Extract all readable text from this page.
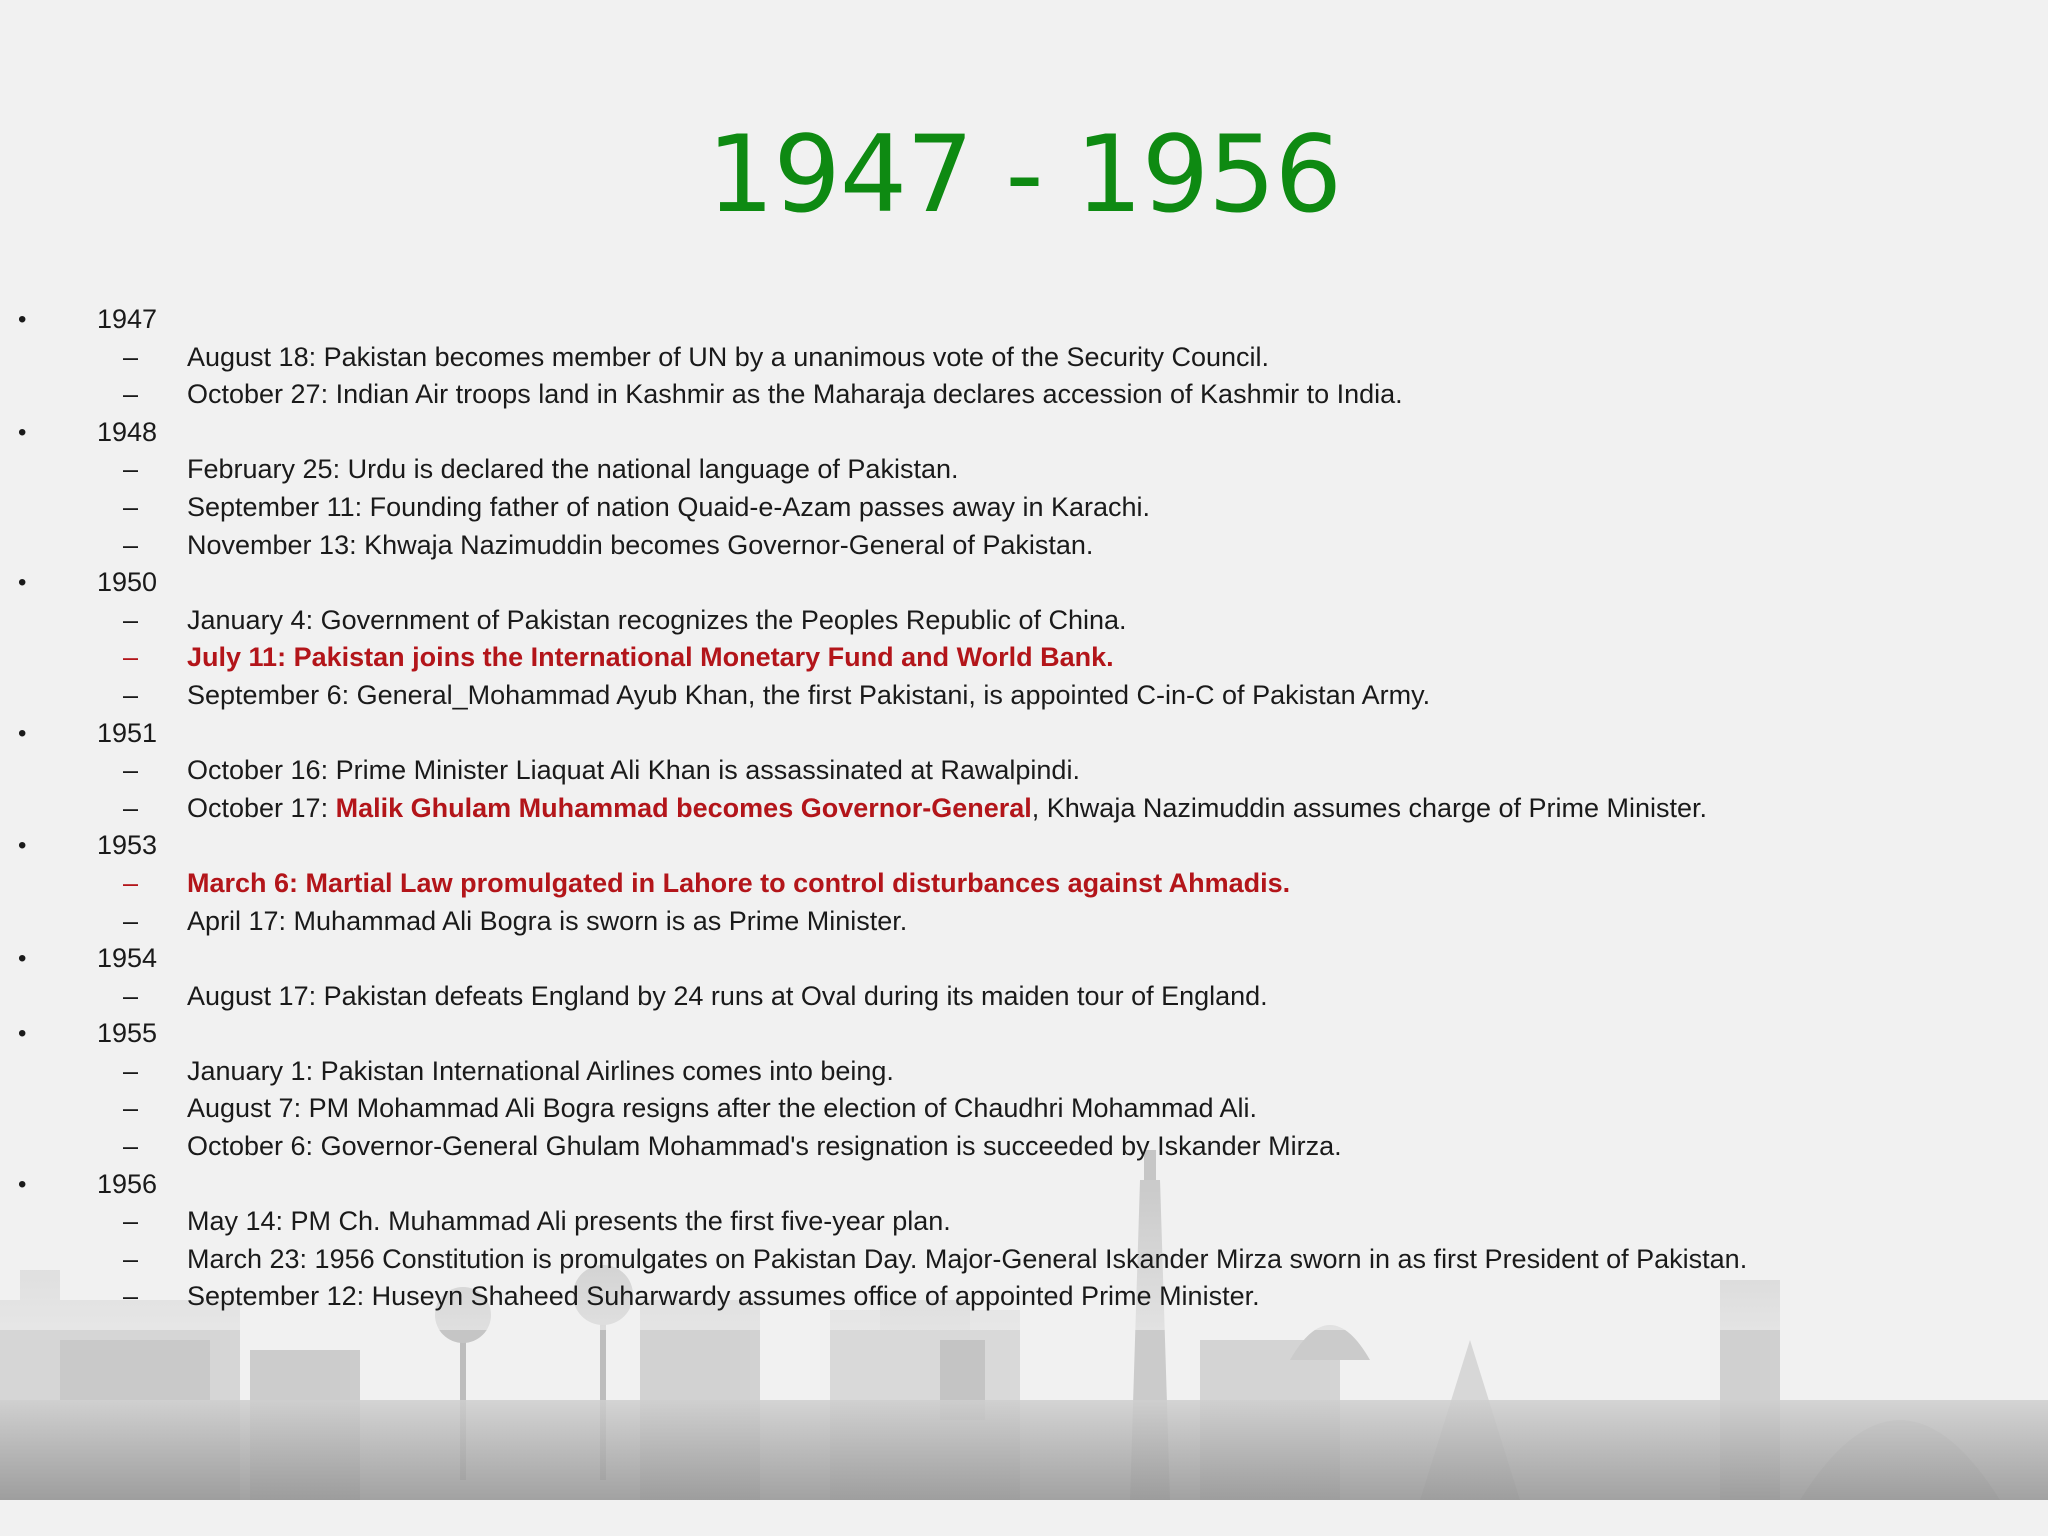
1947 - 1956
•	1947
– August 18: Pakistan becomes member of UN by a unanimous vote of the Security Council.
– October 27: Indian Air troops land in Kashmir as the Maharaja declares accession of Kashmir to India.
•	1948
– February 25: Urdu is declared the national language of Pakistan.
– September 11: Founding father of nation Quaid-e-Azam passes away in Karachi.
– November 13: Khwaja Nazimuddin becomes Governor-General of Pakistan.
•	1950
– January 4: Government of Pakistan recognizes the Peoples Republic of China.
– July 11: Pakistan joins the International Monetary Fund and World Bank.
– September 6: General_Mohammad Ayub Khan, the first Pakistani, is appointed C-in-C of Pakistan Army.
•	1951
– October 16: Prime Minister Liaquat Ali Khan is assassinated at Rawalpindi.
– October 17: Malik Ghulam Muhammad becomes Governor-General, Khwaja Nazimuddin assumes charge of Prime Minister.
•	1953
– March 6: Martial Law promulgated in Lahore to control disturbances against Ahmadis.
– April 17: Muhammad Ali Bogra is sworn is as Prime Minister.
•	1954
– August 17: Pakistan defeats England by 24 runs at Oval during its maiden tour of England.
•	1955
– January 1: Pakistan International Airlines comes into being.
– August 7: PM Mohammad Ali Bogra resigns after the election of Chaudhri Mohammad Ali.
– October 6: Governor-General Ghulam Mohammad's resignation is succeeded by Iskander Mirza.
•	1956
– May 14: PM Ch. Muhammad Ali presents the first five-year plan.
– March 23: 1956 Constitution is promulgates on Pakistan Day. Major-General Iskander Mirza sworn in as first President of Pakistan.
– September 12: Huseyn Shaheed Suharwardy assumes office of appointed Prime Minister.
